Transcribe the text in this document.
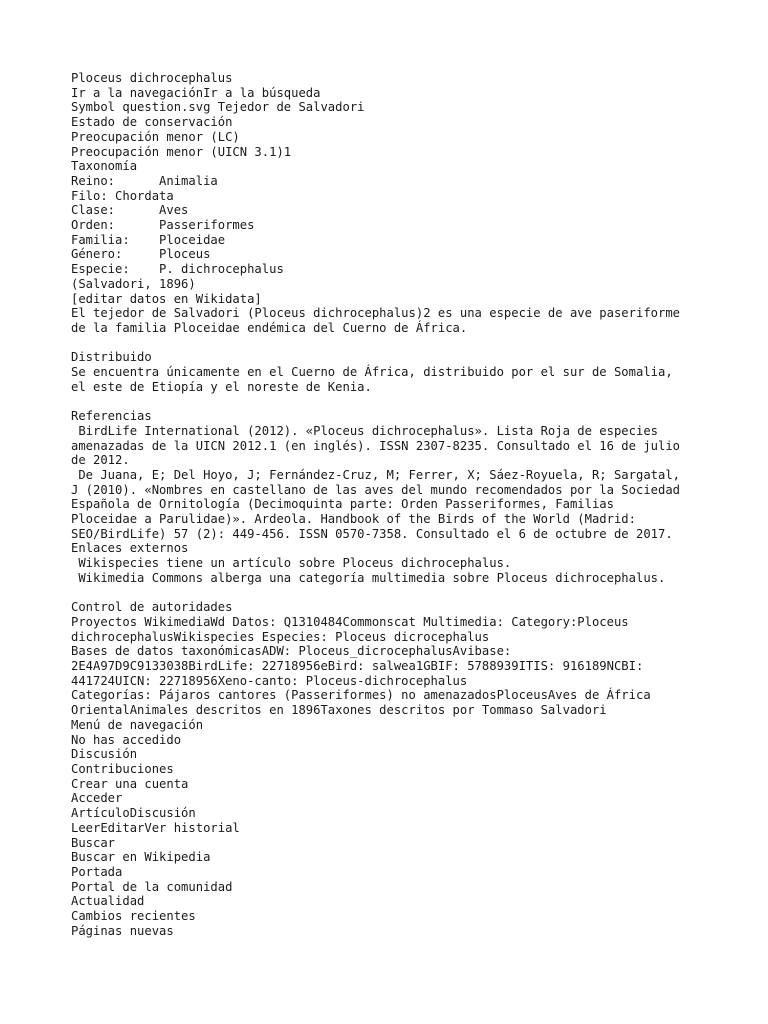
Ploceus dichrocephalus
Ir a la navegaciónIr a la búsqueda
Symbol question.svg Tejedor de Salvadori
Estado de conservación
Preocupación menor (LC)
Preocupación menor (UICN 3.1)1
Taxonomía
Reino:      Animalia
Filo: Chordata
Clase:      Aves
Orden:      Passeriformes
Familia:    Ploceidae
Género:     Ploceus
Especie:    P. dichrocephalus
(Salvadori, 1896)
[editar datos en Wikidata]
El tejedor de Salvadori (Ploceus dichrocephalus)2 es una especie de ave paseriforme
de la familia Ploceidae endémica del Cuerno de África.
Distribuido
Se encuentra únicamente en el Cuerno de África, distribuido por el sur de Somalia,
el este de Etiopía y el noreste de Kenia.
Referencias
BirdLife International (2012). «Ploceus dichrocephalus». Lista Roja de especies
amenazadas de la UICN 2012.1 (en inglés). ISSN 2307-8235. Consultado el 16 de julio
de 2012.
De Juana, E; Del Hoyo, J; Fernández-Cruz, M; Ferrer, X; Sáez-Royuela, R; Sargatal,
J (2010). «Nombres en castellano de las aves del mundo recomendados por la Sociedad
Española de Ornitología (Decimoquinta parte: Orden Passeriformes, Familias
Ploceidae a Parulidae)». Ardeola. Handbook of the Birds of the World (Madrid:
SEO/BirdLife) 57 (2): 449-456. ISSN 0570-7358. Consultado el 6 de octubre de 2017.
Enlaces externos
Wikispecies tiene un artículo sobre Ploceus dichrocephalus.
Wikimedia Commons alberga una categoría multimedia sobre Ploceus dichrocephalus.
Control de autoridades
Proyectos WikimediaWd Datos: Q1310484Commonscat Multimedia: Category:Ploceus
dichrocephalusWikispecies Especies: Ploceus dicrocephalus
Bases de datos taxonómicasADW: Ploceus_dicrocephalusAvibase:
2E4A97D9C9133038BirdLife: 22718956eBird: salwea1GBIF: 5788939ITIS: 916189NCBI:
441724UICN: 22718956Xeno-canto: Ploceus-dichrocephalus
Categorías: Pájaros cantores (Passeriformes) no amenazadosPloceusAves de África
OrientalAnimales descritos en 1896Taxones descritos por Tommaso Salvadori
Menú de navegación
No has accedido
Discusión
Contribuciones
Crear una cuenta
Acceder
ArtículoDiscusión
LeerEditarVer historial
Buscar
Buscar en Wikipedia
Portada
Portal de la comunidad
Actualidad
Cambios recientes
Páginas nuevas
